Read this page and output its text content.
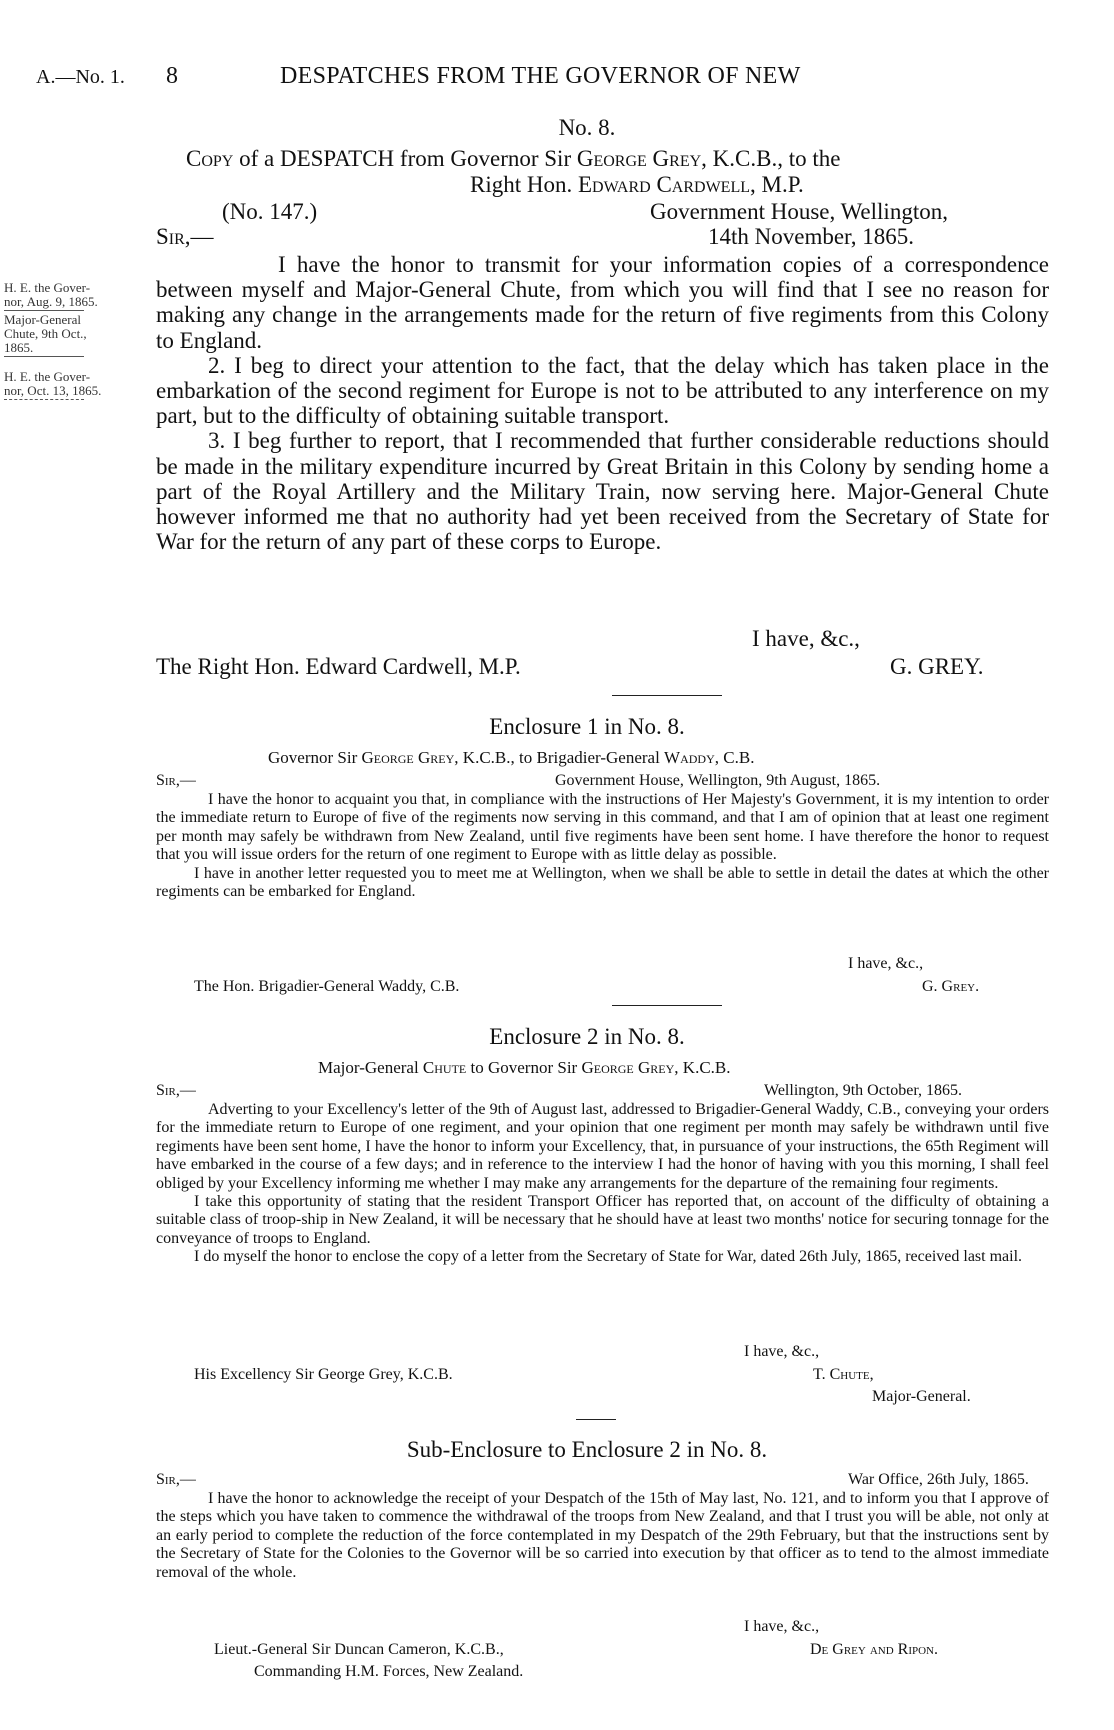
A.—No. 1. 8	DESPATCHES FROM THE GOVERNOR OF NEW
H. E. the Gover-
nor, Aug. 9, 1865.
Major-General
Chute, 9th Oct.,
1865.
H. E. the Gover-
nor, Oct. 13, 1865.
No. 8.
Copy of a DESPATCH from Governor Sir George Grey, K.C.B., to the
Right Hon. Edward Cardwell, M.P.
(No. 147.)	Government House, Wellington,
Sir,—	14th November, 1865.

I have the honor to transmit for your information copies of a correspondence between myself and Major-General Chute, from which you will find that I see no reason for making any change in the arrangements made for the return of five regiments from this Colony to England.

2. I beg to direct your attention to the fact, that the delay which has taken place in the embarkation of the second regiment for Europe is not to be attributed to any interference on my part, but to the difficulty of obtaining suitable transport.

3. I beg further to report, that I recommended that further considerable reductions should be made in the military expenditure incurred by Great Britain in this Colony by sending home a part of the Royal Artillery and the Military Train, now serving here. Major-General Chute however informed me that no authority had yet been received from the Secretary of State for War for the return of any part of these corps to Europe.

I have, &c.,
The Right Hon. Edward Cardwell, M.P.	G. GREY.
Enclosure 1 in No. 8.
Governor Sir George Grey, K.C.B., to Brigadier-General Waddy, C.B.
Sir,—	Government House, Wellington, 9th August, 1865.

I have the honor to acquaint you that, in compliance with the instructions of Her Majesty's Government, it is my intention to order the immediate return to Europe of five of the regiments now serving in this command, and that I am of opinion that at least one regiment per month may safely be withdrawn from New Zealand, until five regiments have been sent home. I have therefore the honor to request that you will issue orders for the return of one regiment to Europe with as little delay as possible.

I have in another letter requested you to meet me at Wellington, when we shall be able to settle in detail the dates at which the other regiments can be embarked for England.

I have, &c.,
The Hon. Brigadier-General Waddy, C.B.	G. Grey.
Enclosure 2 in No. 8.
Major-General Chute to Governor Sir George Grey, K.C.B.
Sir,—	Wellington, 9th October, 1865.

Adverting to your Excellency's letter of the 9th of August last, addressed to Brigadier-General Waddy, C.B., conveying your orders for the immediate return to Europe of one regiment, and your opinion that one regiment per month may safely be withdrawn until five regiments have been sent home, I have the honor to inform your Excellency, that, in pursuance of your instructions, the 65th Regiment will have embarked in the course of a few days; and in reference to the interview I had the honor of having with you this morning, I shall feel obliged by your Excellency informing me whether I may make any arrangements for the departure of the remaining four regiments.

I take this opportunity of stating that the resident Transport Officer has reported that, on account of the difficulty of obtaining a suitable class of troop-ship in New Zealand, it will be necessary that he should have at least two months' notice for securing tonnage for the conveyance of troops to England.

I do myself the honor to enclose the copy of a letter from the Secretary of State for War, dated 26th July, 1865, received last mail.

I have, &c.,
His Excellency Sir George Grey, K.C.B.	T. Chute,
Major-General.
Sub-Enclosure to Enclosure 2 in No. 8.
Sir,—	War Office, 26th July, 1865.

I have the honor to acknowledge the receipt of your Despatch of the 15th of May last, No. 121, and to inform you that I approve of the steps which you have taken to commence the withdrawal of the troops from New Zealand, and that I trust you will be able, not only at an early period to complete the reduction of the force contemplated in my Despatch of the 29th February, but that the instructions sent by the Secretary of State for the Colonies to the Governor will be so carried into execution by that officer as to tend to the almost immediate removal of the whole.

I have, &c.,
Lieut.-General Sir Duncan Cameron, K.C.B.,
Commanding H.M. Forces, New Zealand.
De Grey and Ripon.
